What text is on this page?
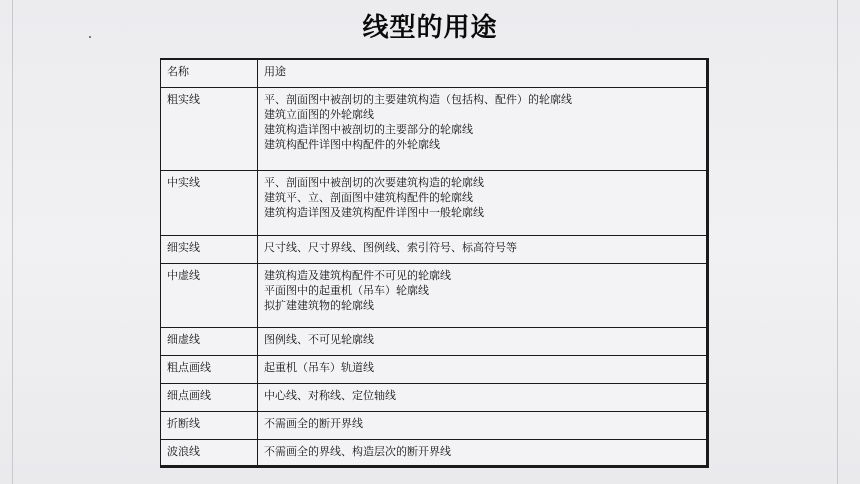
线型的用途
名称	用途
粗实线	平、剖面图中被剖切的主要建筑构造（包括构、配件）的轮廓线
建筑立面图的外轮廓线
建筑构造详图中被剖切的主要部分的轮廓线
建筑构配件详图中构配件的外轮廓线

中实线	平、剖面图中被剖切的次要建筑构造的轮廓线
建筑平、立、剖面图中建筑构配件的轮廓线
建筑构造详图及建筑构配件详图中一般轮廓线

细实线	尺寸线、尺寸界线、图例线、索引符号、标高符号等

中虚线	建筑构造及建筑构配件不可见的轮廓线
平面图中的起重机（吊车）轮廓线
拟扩建建筑物的轮廓线

细虚线	图例线、不可见轮廓线

粗点画线	起重机（吊车）轨道线

细点画线	中心线、对称线、定位轴线

折断线	不需画全的断开界线

波浪线	不需画全的界线、构造层次的断开界线
